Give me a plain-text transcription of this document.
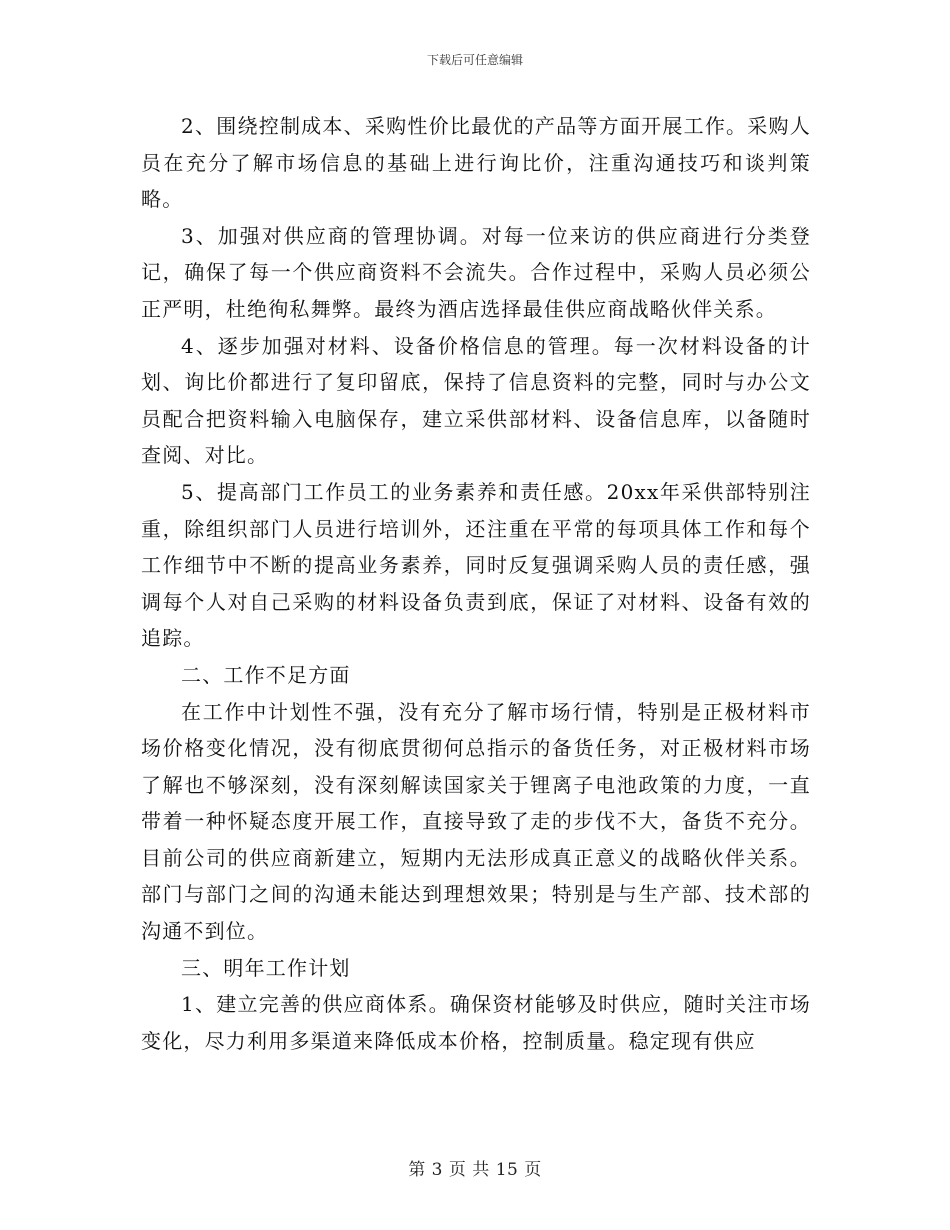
下载后可任意编辑

2、围绕控制成本、采购性价比最优的产品等方面开展工作。采购人员在充分了解市场信息的基础上进行询比价，注重沟通技巧和谈判策略。

3、加强对供应商的管理协调。对每一位来访的供应商进行分类登记，确保了每一个供应商资料不会流失。合作过程中，采购人员必须公正严明，杜绝徇私舞弊。最终为酒店选择最佳供应商战略伙伴关系。

4、逐步加强对材料、设备价格信息的管理。每一次材料设备的计划、询比价都进行了复印留底，保持了信息资料的完整，同时与办公文员配合把资料输入电脑保存，建立采供部材料、设备信息库，以备随时查阅、对比。

5、提高部门工作员工的业务素养和责任感。20xx年采供部特别注重，除组织部门人员进行培训外，还注重在平常的每项具体工作和每个工作细节中不断的提高业务素养，同时反复强调采购人员的责任感，强调每个人对自己采购的材料设备负责到底，保证了对材料、设备有效的追踪。

二、工作不足方面

在工作中计划性不强，没有充分了解市场行情，特别是正极材料市场价格变化情况，没有彻底贯彻何总指示的备货任务，对正极材料市场了解也不够深刻，没有深刻解读国家关于锂离子电池政策的力度，一直带着一种怀疑态度开展工作，直接导致了走的步伐不大，备货不充分。目前公司的供应商新建立，短期内无法形成真正意义的战略伙伴关系。部门与部门之间的沟通未能达到理想效果；特别是与生产部、技术部的沟通不到位。

三、明年工作计划

1、建立完善的供应商体系。确保资材能够及时供应，随时关注市场变化，尽力利用多渠道来降低成本价格，控制质量。稳定现有供应

第 3 页 共 15 页
